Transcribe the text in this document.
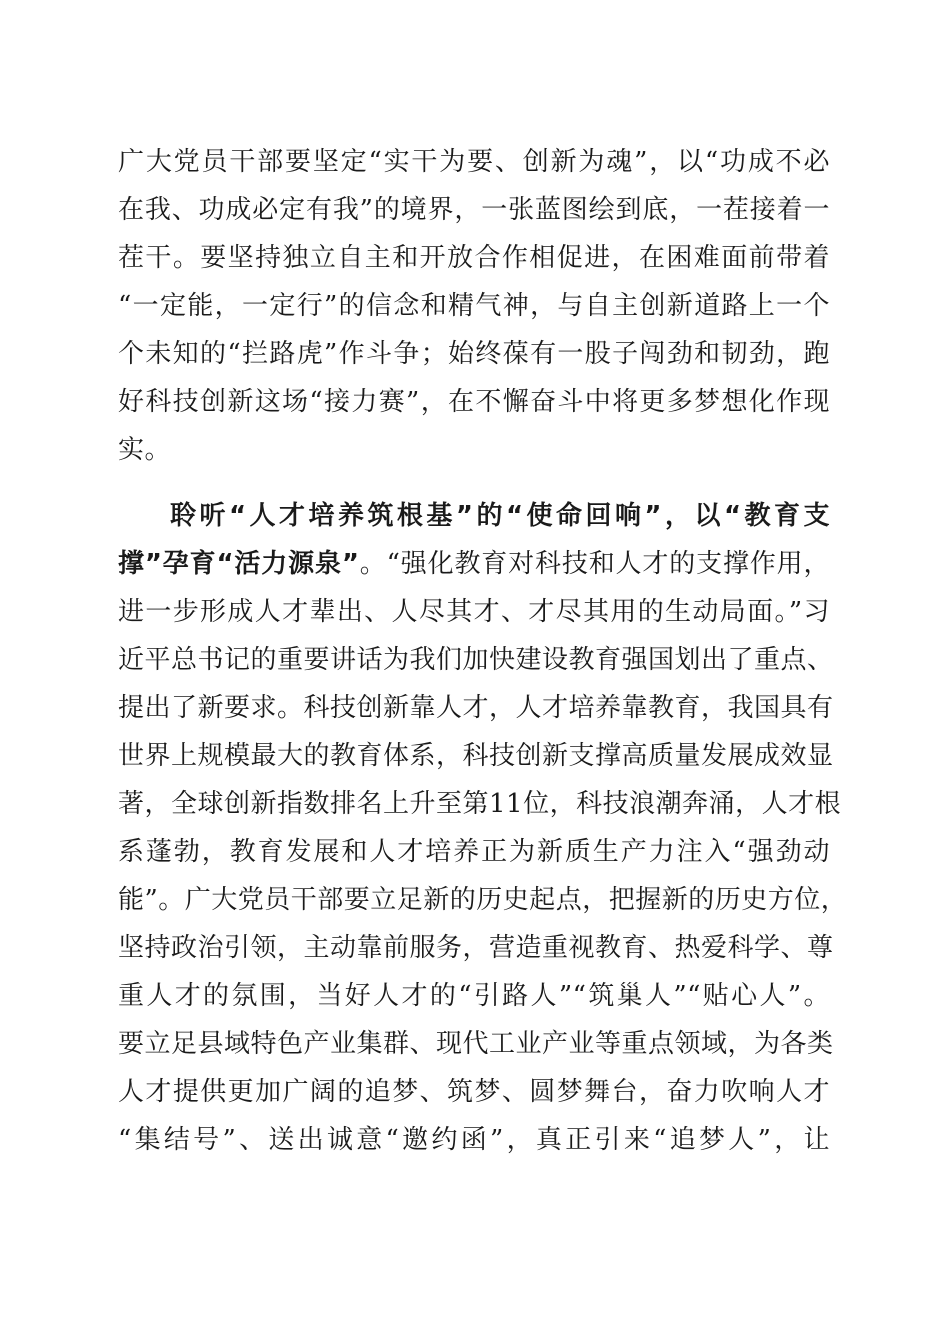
广大党员干部要坚定“实干为要、创新为魂”，以“功成不必
在我、功成必定有我”的境界，一张蓝图绘到底，一茬接着一
茬干。要坚持独立自主和开放合作相促进，在困难面前带着
“一定能，一定行”的信念和精气神，与自主创新道路上一个
个未知的“拦路虎”作斗争；始终葆有一股子闯劲和韧劲，跑
好科技创新这场“接力赛”，在不懈奋斗中将更多梦想化作现
实。
聆听“人才培养筑根基”的“使命回响”，以“教育支
撑”孕育“活力源泉”。“强化教育对科技和人才的支撑作用，
进一步形成人才辈出、人尽其才、才尽其用的生动局面。”习
近平总书记的重要讲话为我们加快建设教育强国划出了重点、
提出了新要求。科技创新靠人才，人才培养靠教育，我国具有
世界上规模最大的教育体系，科技创新支撑高质量发展成效显
著，全球创新指数排名上升至第11位，科技浪潮奔涌，人才根
系蓬勃，教育发展和人才培养正为新质生产力注入“强劲动
能”。广大党员干部要立足新的历史起点，把握新的历史方位，
坚持政治引领，主动靠前服务，营造重视教育、热爱科学、尊
重人才的氛围，当好人才的“引路人”“筑巢人”“贴心人”。
要立足县域特色产业集群、现代工业产业等重点领域，为各类
人才提供更加广阔的追梦、筑梦、圆梦舞台，奋力吹响人才
“集结号”、送出诚意“邀约函”，真正引来“追梦人”，让
